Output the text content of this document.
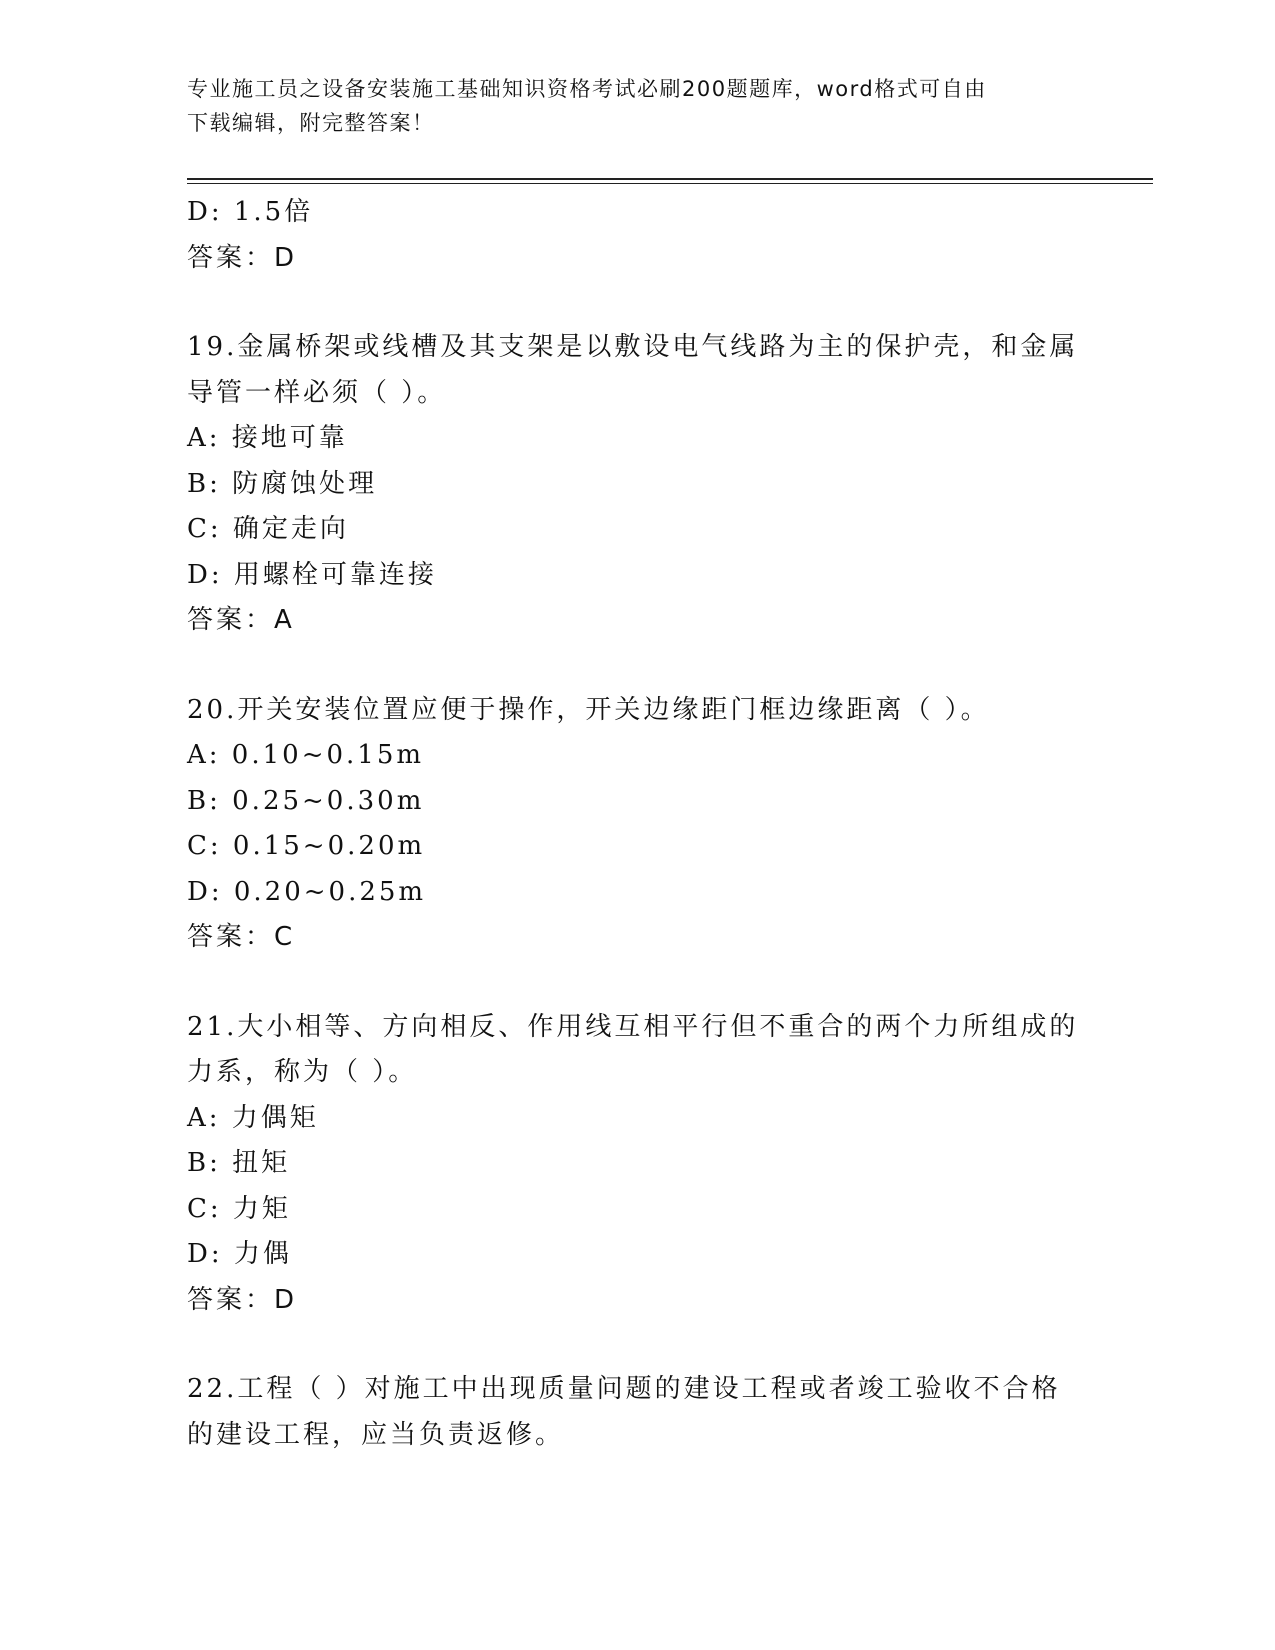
专业施工员之设备安装施工基础知识资格考试必刷200题题库，word格式可自由
下载编辑，附完整答案！
D: 1.5倍
答案：D
19.金属桥架或线槽及其支架是以敷设电气线路为主的保护壳，和金属
导管一样必须（ ）。
A: 接地可靠
B: 防腐蚀处理
C: 确定走向
D: 用螺栓可靠连接
答案：A
20.开关安装位置应便于操作，开关边缘距门框边缘距离（ ）。
A: 0.10~0.15m
B: 0.25~0.30m
C: 0.15~0.20m
D: 0.20~0.25m
答案：C
21.大小相等、方向相反、作用线互相平行但不重合的两个力所组成的
力系，称为（ ）。
A: 力偶矩
B: 扭矩
C: 力矩
D: 力偶
答案：D
22.工程（ ）对施工中出现质量问题的建设工程或者竣工验收不合格
的建设工程，应当负责返修。
